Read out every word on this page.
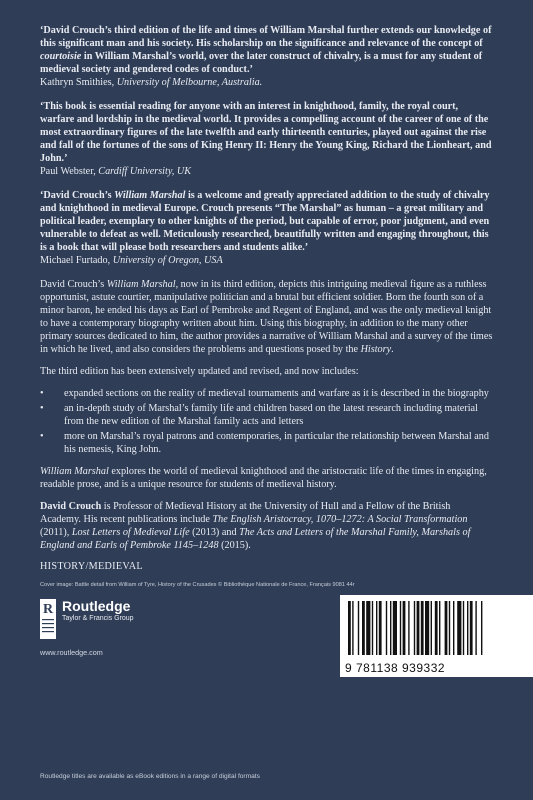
‘David Crouch’s third edition of the life and times of William Marshal further extends our knowledge of this significant man and his society. His scholarship on the significance and relevance of the concept of courtoisie in William Marshal’s world, over the later construct of chivalry, is a must for any student of medieval society and gendered codes of conduct.’

Kathryn Smithies, University of Melbourne, Australia.

‘This book is essential reading for anyone with an interest in knighthood, family, the royal court, warfare and lordship in the medieval world. It provides a compelling account of the career of one of the most extraordinary figures of the late twelfth and early thirteenth centuries, played out against the rise and fall of the fortunes of the sons of King Henry II: Henry the Young King, Richard the Lionheart, and John.’

Paul Webster, Cardiff University, UK

‘David Crouch’s William Marshal is a welcome and greatly appreciated addition to the study of chivalry and knighthood in medieval Europe. Crouch presents “The Marshal” as human – a great military and political leader, exemplary to other knights of the period, but capable of error, poor judgment, and even vulnerable to defeat as well. Meticulously researched, beautifully written and engaging throughout, this is a book that will please both researchers and students alike.’

Michael Furtado, University of Oregon, USA

David Crouch’s William Marshal, now in its third edition, depicts this intriguing medieval figure as a ruthless opportunist, astute courtier, manipulative politician and a brutal but efficient soldier. Born the fourth son of a minor baron, he ended his days as Earl of Pembroke and Regent of England, and was the only medieval knight to have a contemporary biography written about him. Using this biography, in addition to the many other primary sources dedicated to him, the author provides a narrative of William Marshal and a survey of the times in which he lived, and also considers the problems and questions posed by the History.

The third edition has been extensively updated and revised, and now includes:

• expanded sections on the reality of medieval tournaments and warfare as it is described in the biography
• an in-depth study of Marshal’s family life and children based on the latest research including material from the new edition of the Marshal family acts and letters
• more on Marshal’s royal patrons and contemporaries, in particular the relationship between Marshal and his nemesis, King John.

William Marshal explores the world of medieval knighthood and the aristocratic life of the times in engaging, readable prose, and is a unique resource for students of medieval history.

David Crouch is Professor of Medieval History at the University of Hull and a Fellow of the British Academy. His recent publications include The English Aristocracy, 1070–1272: A Social Transformation (2011), Lost Letters of Medieval Life (2013) and The Acts and Letters of the Marshal Family, Marshals of England and Earls of Pembroke 1145–1248 (2015).

HISTORY/MEDIEVAL

Cover image: Battle detail from William of Tyre, History of the Crusades © Bibliothèque Nationale de France, Français 9081 44r

R Routledge
Taylor & Francis Group
www.routledge.com
9 781138 939332
Routledge titles are available as eBook editions in a range of digital formats
